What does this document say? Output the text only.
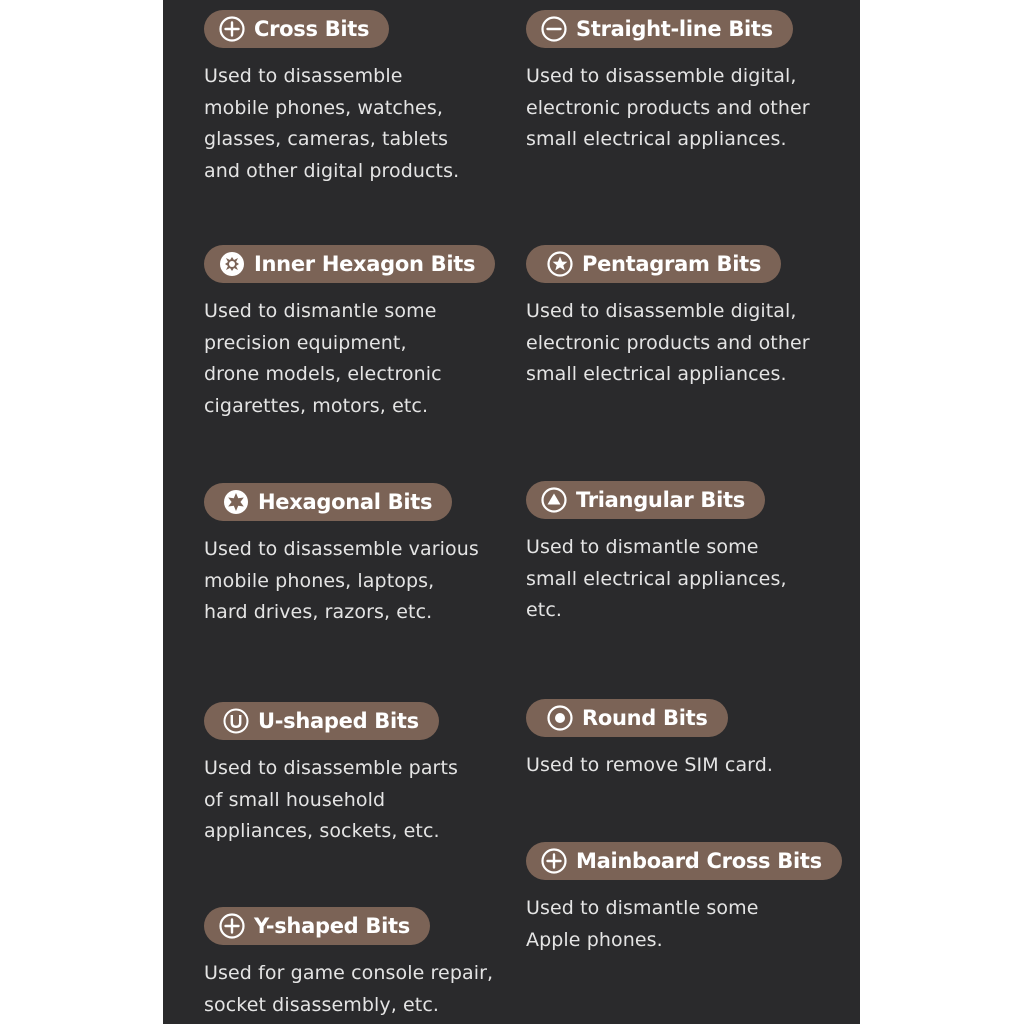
Cross Bits
Used to disassemble
mobile phones, watches,
glasses, cameras, tablets
and other digital products.
Straight-line Bits
Used to disassemble digital,
electronic products and other
small electrical appliances.
Inner Hexagon Bits
Used to dismantle some
precision equipment,
drone models, electronic
cigarettes, motors, etc.
Pentagram Bits
Used to disassemble digital,
electronic products and other
small electrical appliances.
Hexagonal Bits
Used to disassemble various
mobile phones, laptops,
hard drives, razors, etc.
Triangular Bits
Used to dismantle some
small electrical appliances,
etc.
U-shaped Bits
Used to disassemble parts
of small household
appliances, sockets, etc.
Round Bits
Used to remove SIM card.
Mainboard Cross Bits
Used to dismantle some
Apple phones.
Y-shaped Bits
Used for game console repair,
socket disassembly, etc.
